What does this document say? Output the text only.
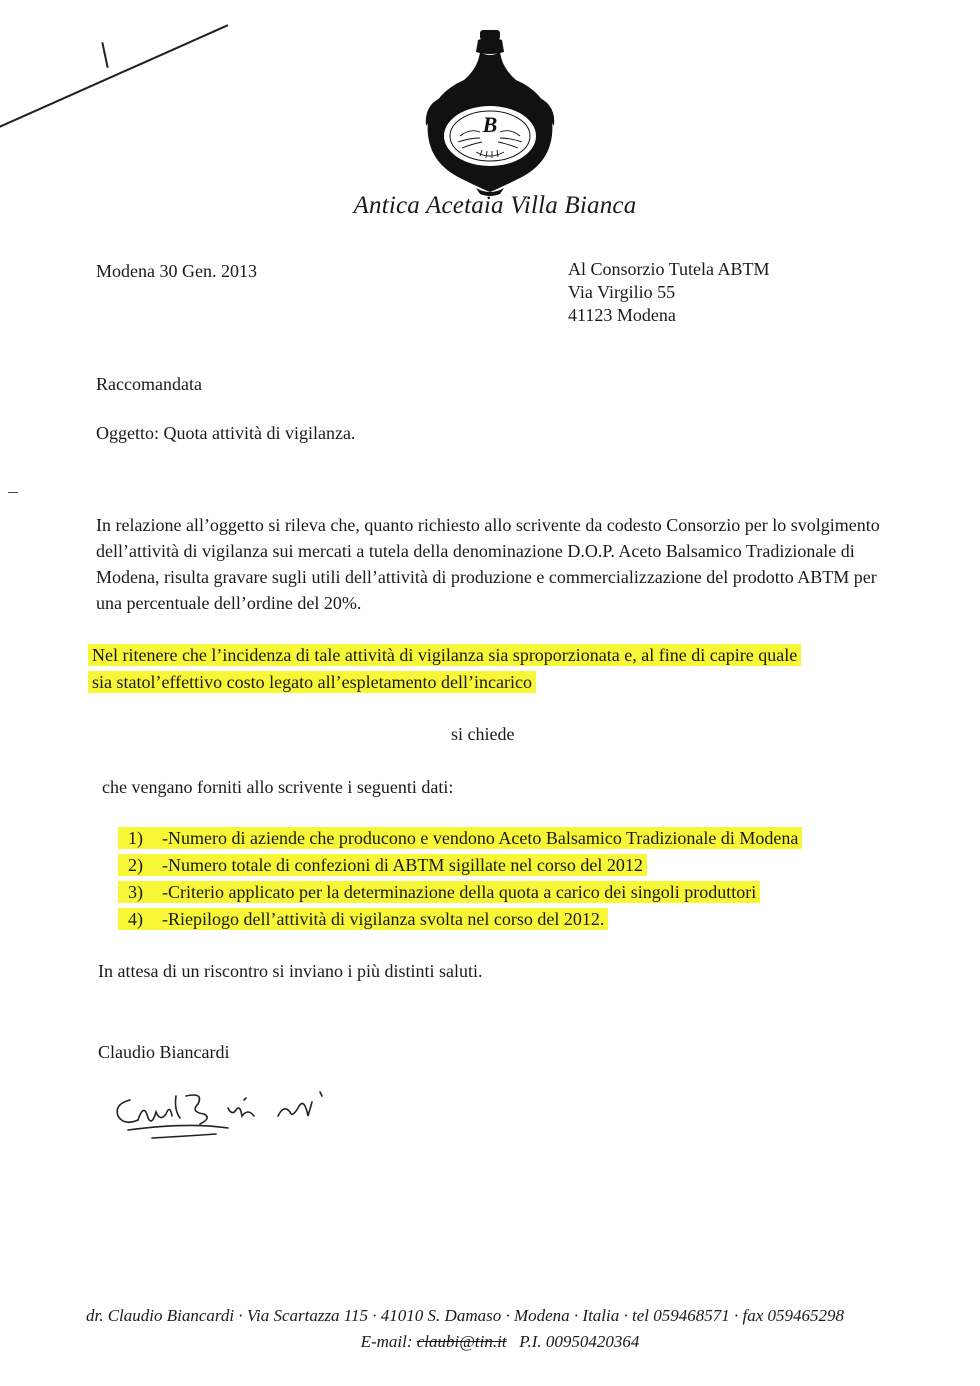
B
Antica Acetaia Villa Bianca
Modena 30 Gen. 2013	Al Consorzio Tutela ABTM
Via Virgilio 55
41123 Modena
Raccomandata
Oggetto: Quota attività di vigilanza.
In relazione all’oggetto si rileva che, quanto richiesto allo scrivente da codesto Consorzio per lo svolgimento dell’attività di vigilanza sui mercati a tutela della denominazione D.O.P. Aceto Balsamico Tradizionale di Modena, risulta gravare sugli utili dell’attività di produzione e commercializzazione del prodotto ABTM per una percentuale dell’ordine del 20%.
Nel ritenere che l’incidenza di tale attività di vigilanza sia sproporzionata e, al fine di capire quale
sia statol’effettivo costo legato all’espletamento dell’incarico
si chiede
che vengano forniti allo scrivente i seguenti dati:
1) -Numero di aziende che producono e vendono Aceto Balsamico Tradizionale di Modena
2) -Numero totale di confezioni di ABTM sigillate nel corso del 2012
3) -Criterio applicato per la determinazione della quota a carico dei singoli produttori
4) -Riepilogo dell’attività di vigilanza svolta nel corso del 2012.
In attesa di un riscontro si inviano i più distinti saluti.
Claudio Biancardi
dr. Claudio Biancardi · Via Scartazza 115 · 41010 S. Damaso · Modena · Italia · tel 059468571 · fax 059465298
E-mail: claubi@tin.it P.I. 00950420364
